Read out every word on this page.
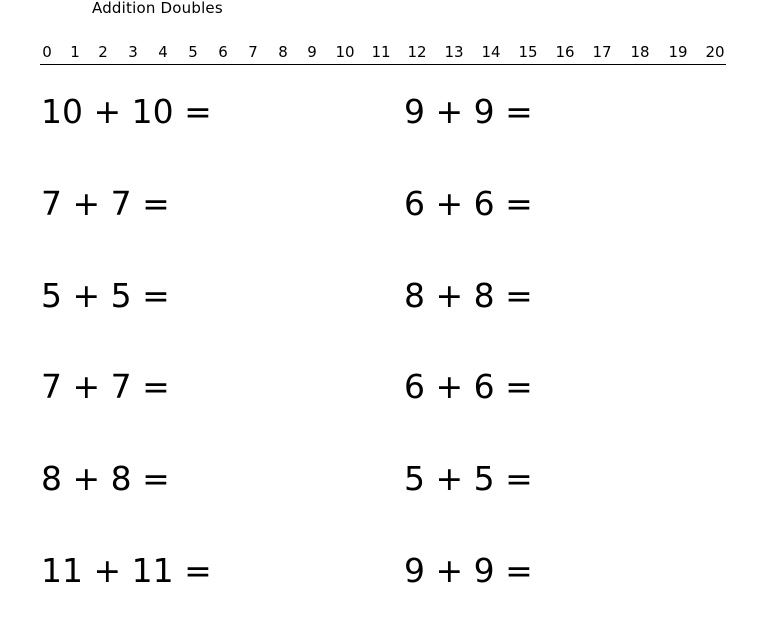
Addition Doubles
0 1 2 3 4 5 6 7 8 9 10 11 12 13 14 15 16 17 18 19 20
10 + 10 =	9 + 9 =
7 + 7 =	6 + 6 =
5 + 5 =	8 + 8 =
7 + 7 =	6 + 6 =
8 + 8 =	5 + 5 =
11 + 11 =	9 + 9 =
